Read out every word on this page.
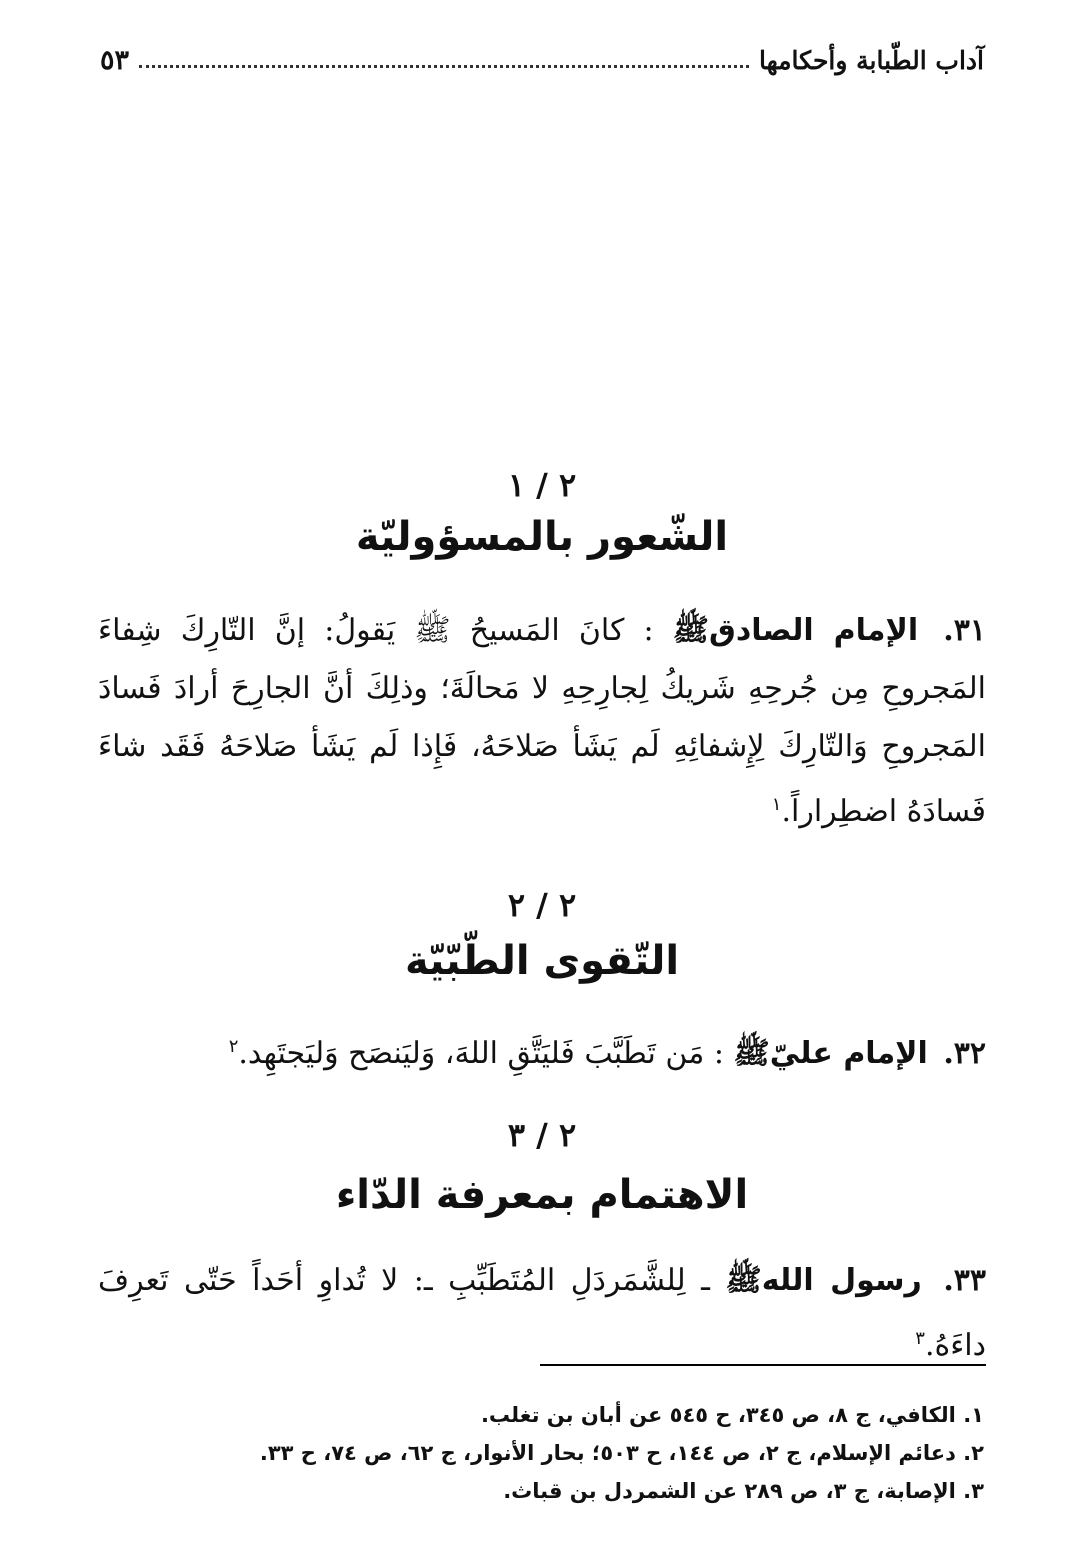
آداب الطّبابة وأحكامها
٥٣
٢ / ١
الشّعور بالمسؤوليّة
٣١. الإمام الصادقﷺ : كانَ المَسيحُ ﷺ يَقولُ: إنَّ التّارِكَ شِفاءَ المَجروحِ مِن جُرحِهِ شَريكُ لِجارِحِهِ لا مَحالَةَ؛ وذلِكَ أنَّ الجارِحَ أرادَ فَسادَ المَجروحِ وَالتّارِكَ لِإِشفائِهِ لَم يَشَأ صَلاحَهُ، فَإِذا لَم يَشَأ صَلاحَهُ فَقَد شاءَ فَسادَهُ اضطِراراً.$^١$
٢ / ٢
التّقوى الطّبّيّة
٣٢. الإمام عليّﷺ : مَن تَطَبَّبَ فَليَتَّقِ اللهَ، وَليَنصَح وَليَجتَهِد.$^٢$
٢ / ٣
الاهتمام بمعرفة الدّاء
٣٣. رسول اللهﷺ ـ لِلشَّمَردَلِ المُتَطَبِّبِ ـ: لا تُداوِ أحَداً حَتّى تَعرِفَ داءَهُ.$^٣$

١. الكافي، ج ٨، ص ٣٤٥، ح ٥٤٥ عن أبان بن تغلب.

٢. دعائم الإسلام، ج ٢، ص ١٤٤، ح ٥٠٣؛ بحار الأنوار، ج ٦٢، ص ٧٤، ح ٣٣.

٣. الإصابة، ج ٣، ص ٢٨٩ عن الشمردل بن قباث.
